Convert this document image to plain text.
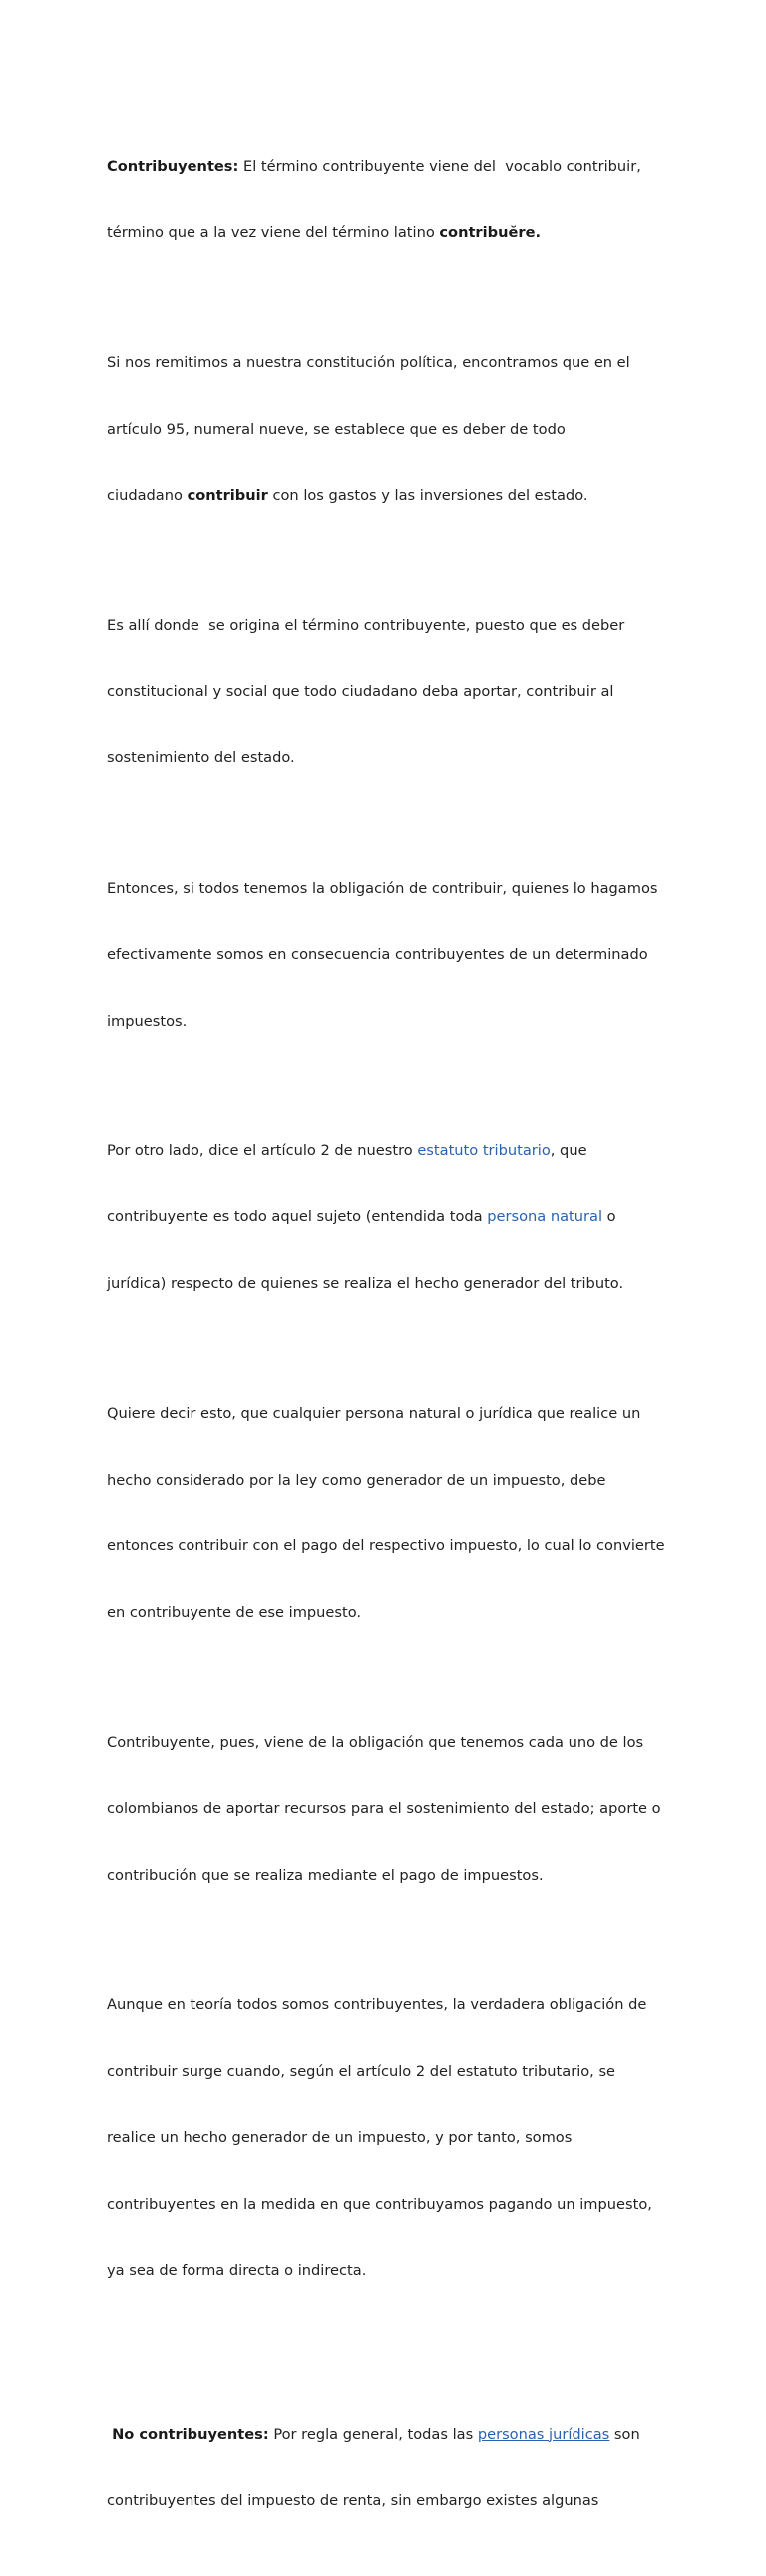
Contribuyentes: El término contribuyente viene del  vocablo contribuir,

término que a la vez viene del término latino contribuĕre.

Si nos remitimos a nuestra constitución política, encontramos que en el

artículo 95, numeral nueve, se establece que es deber de todo

ciudadano contribuir con los gastos y las inversiones del estado.

Es allí donde  se origina el término contribuyente, puesto que es deber

constitucional y social que todo ciudadano deba aportar, contribuir al

sostenimiento del estado.

Entonces, si todos tenemos la obligación de contribuir, quienes lo hagamos

efectivamente somos en consecuencia contribuyentes de un determinado

impuestos.

Por otro lado, dice el artículo 2 de nuestro estatuto tributario, que

contribuyente es todo aquel sujeto (entendida toda persona natural o

jurídica) respecto de quienes se realiza el hecho generador del tributo.

Quiere decir esto, que cualquier persona natural o jurídica que realice un

hecho considerado por la ley como generador de un impuesto, debe

entonces contribuir con el pago del respectivo impuesto, lo cual lo convierte

en contribuyente de ese impuesto.

Contribuyente, pues, viene de la obligación que tenemos cada uno de los

colombianos de aportar recursos para el sostenimiento del estado; aporte o

contribución que se realiza mediante el pago de impuestos.

Aunque en teoría todos somos contribuyentes, la verdadera obligación de

contribuir surge cuando, según el artículo 2 del estatuto tributario, se

realice un hecho generador de un impuesto, y por tanto, somos

contribuyentes en la medida en que contribuyamos pagando un impuesto,

ya sea de forma directa o indirecta.

No contribuyentes: Por regla general, todas las personas jurídicas son

contribuyentes del impuesto de renta, sin embargo existes algunas
